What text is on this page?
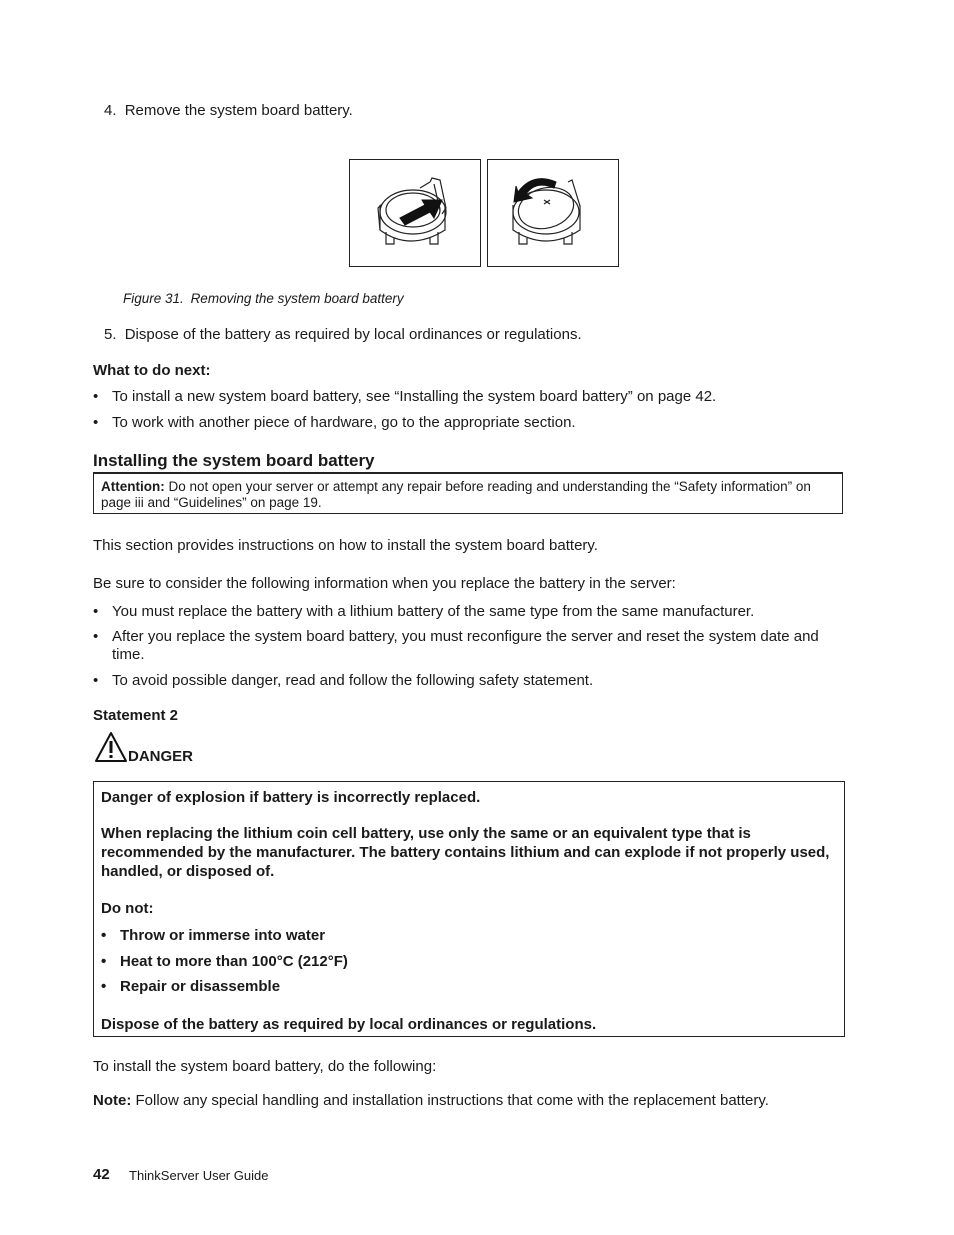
4. Remove the system board battery.
Figure 31. Removing the system board battery
5. Dispose of the battery as required by local ordinances or regulations.
What to do next:
• To install a new system board battery, see “Installing the system board battery” on page 42.
• To work with another piece of hardware, go to the appropriate section.
Installing the system board battery
Attention: Do not open your server or attempt any repair before reading and understanding the “Safety information” on page iii and “Guidelines” on page 19.
This section provides instructions on how to install the system board battery.
Be sure to consider the following information when you replace the battery in the server:
• You must replace the battery with a lithium battery of the same type from the same manufacturer.
• After you replace the system board battery, you must reconfigure the server and reset the system date and time.
• To avoid possible danger, read and follow the following safety statement.
Statement 2
DANGER
Danger of explosion if battery is incorrectly replaced.
When replacing the lithium coin cell battery, use only the same or an equivalent type that is recommended by the manufacturer. The battery contains lithium and can explode if not properly used, handled, or disposed of.
Do not:
• Throw or immerse into water
• Heat to more than 100°C (212°F)
• Repair or disassemble
Dispose of the battery as required by local ordinances or regulations.
To install the system board battery, do the following:
Note: Follow any special handling and installation instructions that come with the replacement battery.
42 ThinkServer User Guide
